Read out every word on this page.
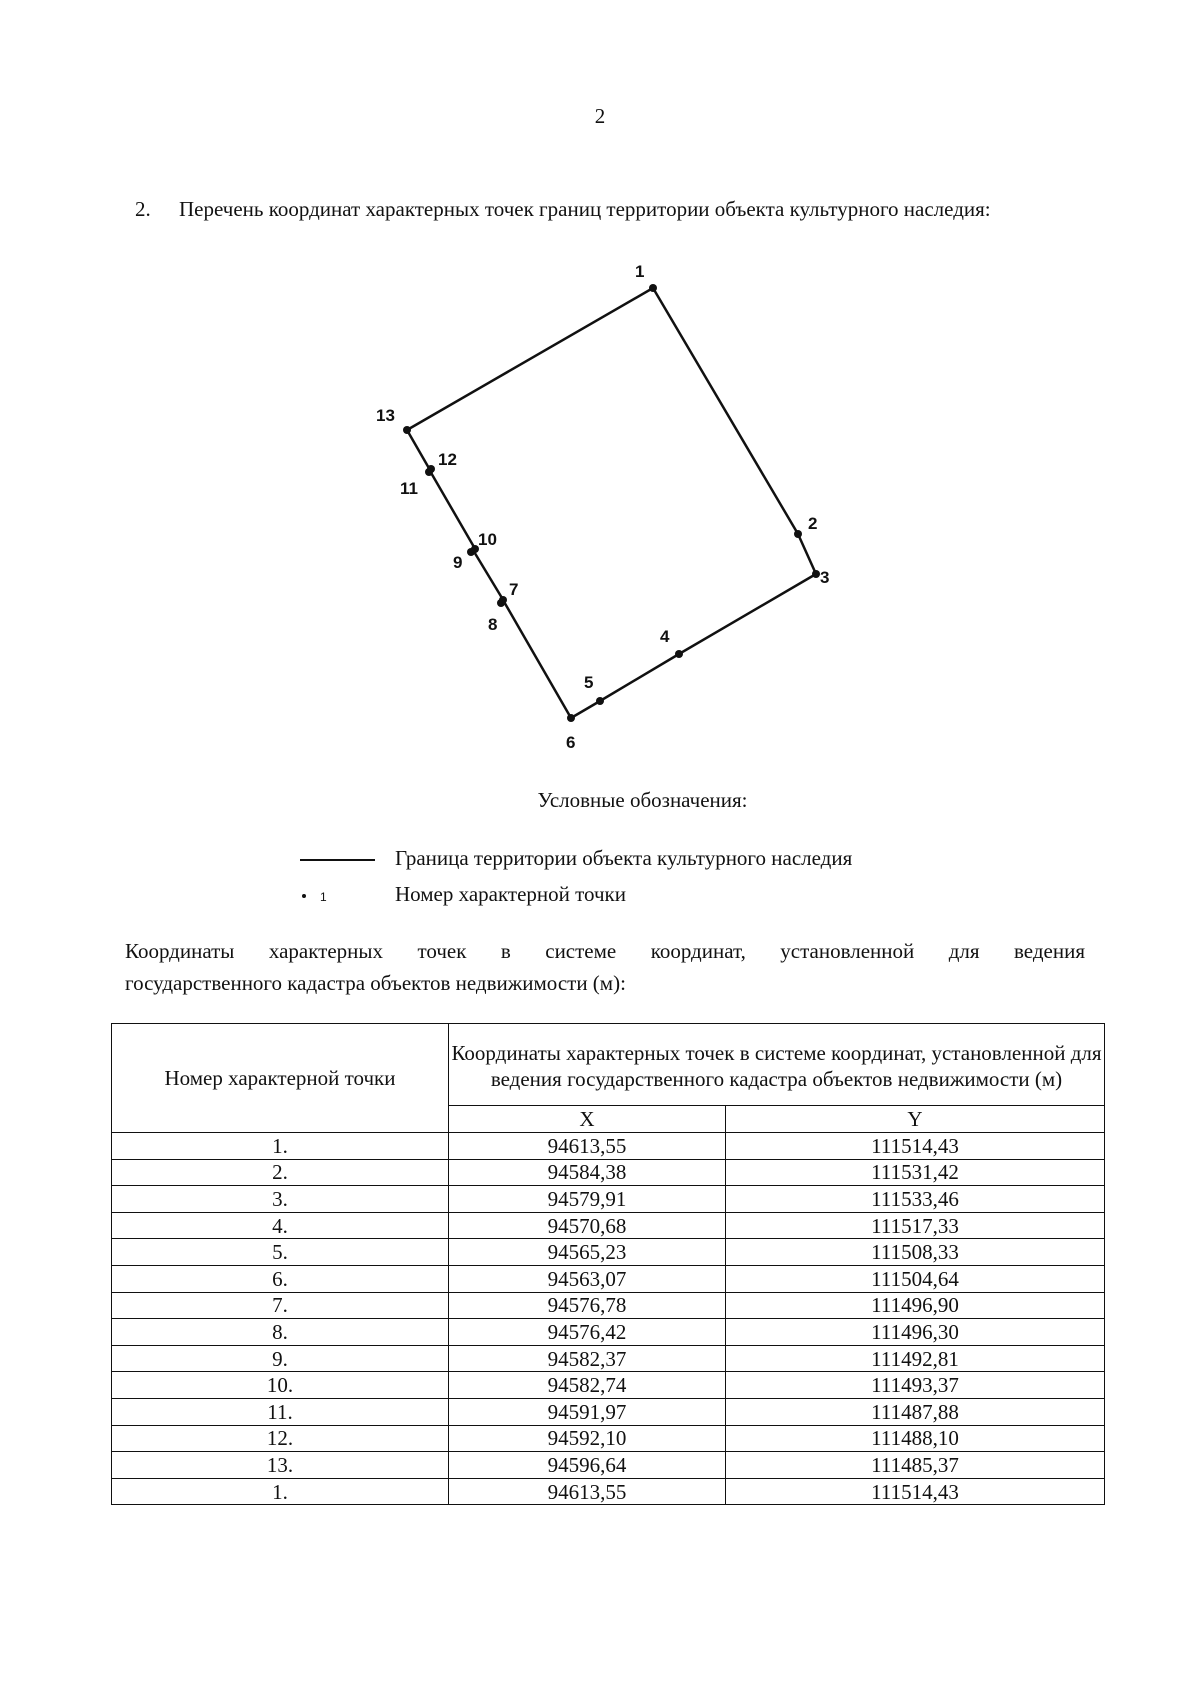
2
2. Перечень координат характерных точек границ территории объекта культурного наследия:
1
2
3
4
5
6
7
8
9
10
11
12
13
Условные обозначения:
Граница территории объекта культурного наследия
1	Номер характерной точки
Координаты характерных точек в системе координат, установленной для ведения
государственного кадастра объектов недвижимости (м):
Номер характерной точки	Координаты характерных точек в системе координат, установленной для ведения государственного кадастра объектов недвижимости (м)	
	X	Y
1.	94613,55	111514,43
2.	94584,38	111531,42
3.	94579,91	111533,46
4.	94570,68	111517,33
5.	94565,23	111508,33
6.	94563,07	111504,64
7.	94576,78	111496,90
8.	94576,42	111496,30
9.	94582,37	111492,81
10.	94582,74	111493,37
11.	94591,97	111487,88
12.	94592,10	111488,10
13.	94596,64	111485,37
1.	94613,55	111514,43
